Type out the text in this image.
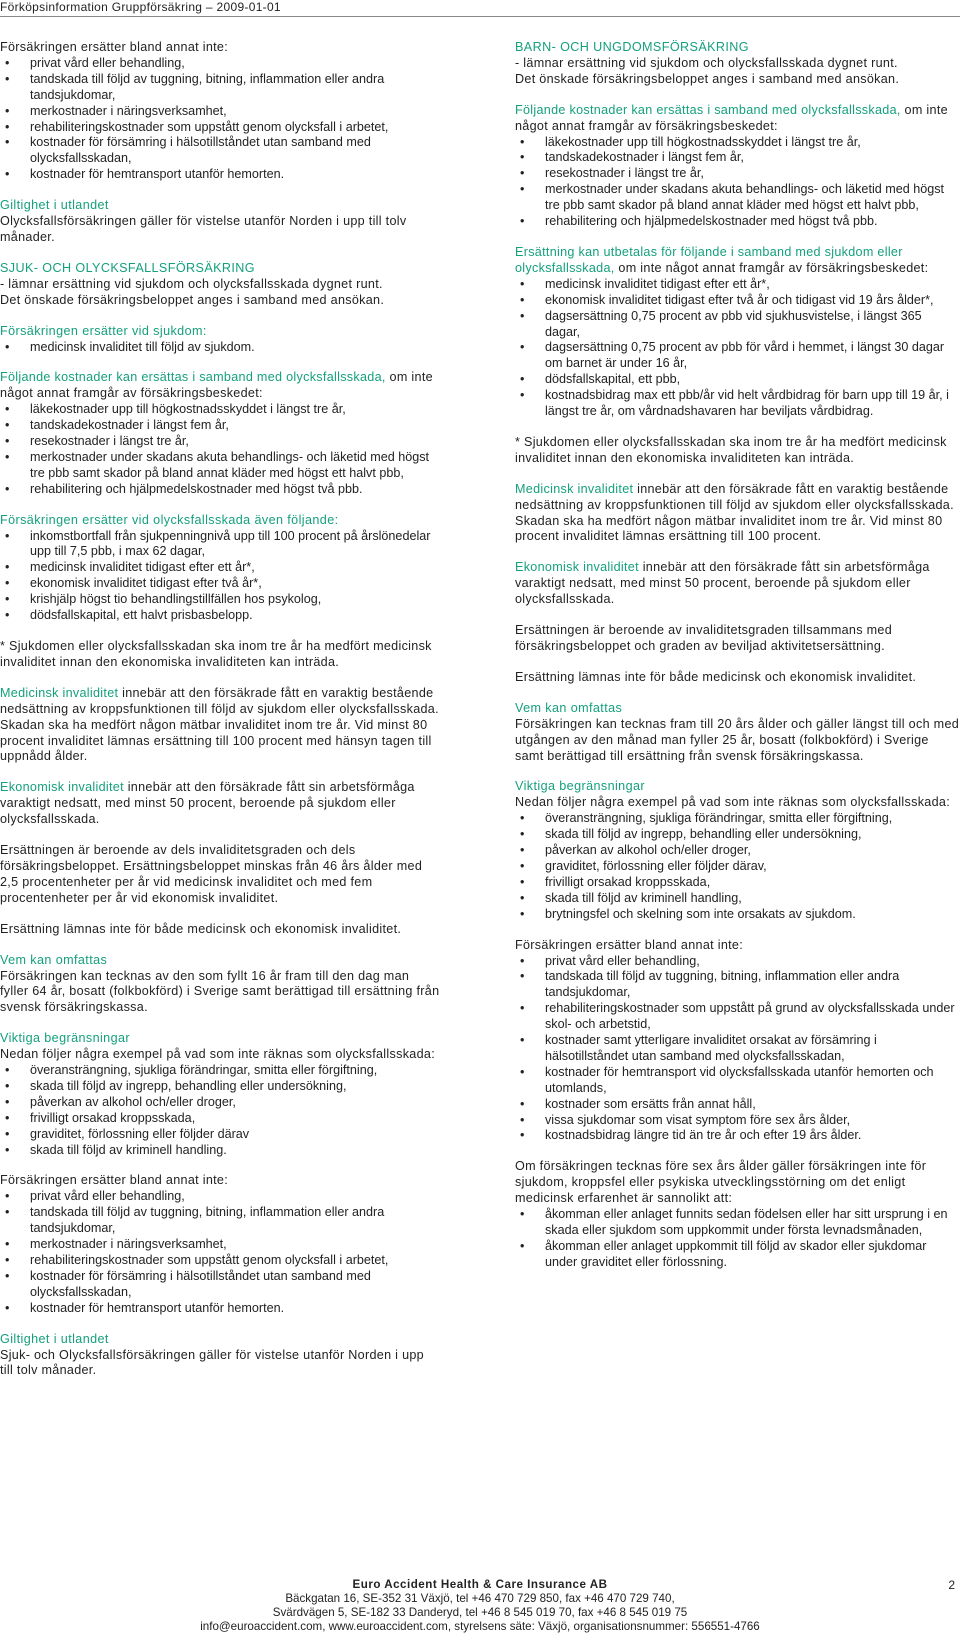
Förköpsinformation Gruppförsäkring – 2009-01-01
Försäkringen ersätter bland annat inte:
• privat vård eller behandling,
• tandskada till följd av tuggning, bitning, inflammation eller andra tandsjukdomar,
• merkostnader i näringsverksamhet,
• rehabiliteringskostnader som uppstått genom olycksfall i arbetet,
• kostnader för försämring i hälsotillståndet utan samband med olycksfallsskadan,
• kostnader för hemtransport utanför hemorten.
Giltighet i utlandet
Olycksfallsförsäkringen gäller för vistelse utanför Norden i upp till tolv månader.
SJUK- OCH OLYCKSFALLSFÖRSÄKRING
- lämnar ersättning vid sjukdom och olycksfallsskada dygnet runt.
Det önskade försäkringsbeloppet anges i samband med ansökan.
Försäkringen ersätter vid sjukdom:
• medicinsk invaliditet till följd av sjukdom.
Följande kostnader kan ersättas i samband med olycksfallsskada, om inte något annat framgår av försäkringsbeskedet:
• läkekostnader upp till högkostnadsskyddet i längst tre år,
• tandskadekostnader i längst fem år,
• resekostnader i längst tre år,
• merkostnader under skadans akuta behandlings- och läketid med högst tre pbb samt skador på bland annat kläder med högst ett halvt pbb,
• rehabilitering och hjälpmedelskostnader med högst två pbb.
Försäkringen ersätter vid olycksfallsskada även följande:
• inkomstbortfall från sjukpenningnivå upp till 100 procent på årslönedelar upp till 7,5 pbb, i max 62 dagar,
• medicinsk invaliditet tidigast efter ett år*,
• ekonomisk invaliditet tidigast efter två år*,
• krishjälp högst tio behandlingstillfällen hos psykolog,
• dödsfallskapital, ett halvt prisbasbelopp.
* Sjukdomen eller olycksfallsskadan ska inom tre år ha medfört medicinsk invaliditet innan den ekonomiska invaliditeten kan inträda.
Medicinsk invaliditet innebär att den försäkrade fått en varaktig bestående nedsättning av kroppsfunktionen till följd av sjukdom eller olycksfallsskada. Skadan ska ha medfört någon mätbar invaliditet inom tre år. Vid minst 80 procent invaliditet lämnas ersättning till 100 procent med hänsyn tagen till uppnådd ålder.
Ekonomisk invaliditet innebär att den försäkrade fått sin arbetsförmåga varaktigt nedsatt, med minst 50 procent, beroende på sjukdom eller olycksfallsskada.
Ersättningen är beroende av dels invaliditetsgraden och dels försäkringsbeloppet. Ersättningsbeloppet minskas från 46 års ålder med 2,5 procentenheter per år vid medicinsk invaliditet och med fem procentenheter per år vid ekonomisk invaliditet.
Ersättning lämnas inte för både medicinsk och ekonomisk invaliditet.
Vem kan omfattas
Försäkringen kan tecknas av den som fyllt 16 år fram till den dag man fyller 64 år, bosatt (folkbokförd) i Sverige samt berättigad till ersättning från svensk försäkringskassa.
Viktiga begränsningar
Nedan följer några exempel på vad som inte räknas som olycksfallsskada:
• överansträngning, sjukliga förändringar, smitta eller förgiftning,
• skada till följd av ingrepp, behandling eller undersökning,
• påverkan av alkohol och/eller droger,
• frivilligt orsakad kroppsskada,
• graviditet, förlossning eller följder därav
• skada till följd av kriminell handling.
Försäkringen ersätter bland annat inte:
• privat vård eller behandling,
• tandskada till följd av tuggning, bitning, inflammation eller andra tandsjukdomar,
• merkostnader i näringsverksamhet,
• rehabiliteringskostnader som uppstått genom olycksfall i arbetet,
• kostnader för försämring i hälsotillståndet utan samband med olycksfallsskadan,
• kostnader för hemtransport utanför hemorten.
Giltighet i utlandet
Sjuk- och Olycksfallsförsäkringen gäller för vistelse utanför Norden i upp till tolv månader.
BARN- OCH UNGDOMSFÖRSÄKRING
- lämnar ersättning vid sjukdom och olycksfallsskada dygnet runt.
Det önskade försäkringsbeloppet anges i samband med ansökan.
Följande kostnader kan ersättas i samband med olycksfallsskada, om inte något annat framgår av försäkringsbeskedet:
• läkekostnader upp till högkostnadsskyddet i längst tre år,
• tandskadekostnader i längst fem år,
• resekostnader i längst tre år,
• merkostnader under skadans akuta behandlings- och läketid med högst tre pbb samt skador på bland annat kläder med högst ett halvt pbb,
• rehabilitering och hjälpmedelskostnader med högst två pbb.
Ersättning kan utbetalas för följande i samband med sjukdom eller olycksfallsskada, om inte något annat framgår av försäkringsbeskedet:
• medicinsk invaliditet tidigast efter ett år*,
• ekonomisk invaliditet tidigast efter två år och tidigast vid 19 års ålder*,
• dagsersättning 0,75 procent av pbb vid sjukhusvistelse, i längst 365 dagar,
• dagsersättning 0,75 procent av pbb för vård i hemmet, i längst 30 dagar om barnet är under 16 år,
• dödsfallskapital, ett pbb,
• kostnadsbidrag max ett pbb/år vid helt vårdbidrag för barn upp till 19 år, i längst tre år, om vårdnadshavaren har beviljats vårdbidrag.
* Sjukdomen eller olycksfallsskadan ska inom tre år ha medfört medicinsk invaliditet innan den ekonomiska invaliditeten kan inträda.
Medicinsk invaliditet innebär att den försäkrade fått en varaktig bestående nedsättning av kroppsfunktionen till följd av sjukdom eller olycksfallsskada. Skadan ska ha medfört någon mätbar invaliditet inom tre år. Vid minst 80 procent invaliditet lämnas ersättning till 100 procent.
Ekonomisk invaliditet innebär att den försäkrade fått sin arbetsförmåga varaktigt nedsatt, med minst 50 procent, beroende på sjukdom eller olycksfallsskada.
Ersättningen är beroende av invaliditetsgraden tillsammans med försäkringsbeloppet och graden av beviljad aktivitetsersättning.
Ersättning lämnas inte för både medicinsk och ekonomisk invaliditet.
Vem kan omfattas
Försäkringen kan tecknas fram till 20 års ålder och gäller längst till och med utgången av den månad man fyller 25 år, bosatt (folkbokförd) i Sverige samt berättigad till ersättning från svensk försäkringskassa.
Viktiga begränsningar
Nedan följer några exempel på vad som inte räknas som olycksfallsskada:
• överansträngning, sjukliga förändringar, smitta eller förgiftning,
• skada till följd av ingrepp, behandling eller undersökning,
• påverkan av alkohol och/eller droger,
• graviditet, förlossning eller följder därav,
• frivilligt orsakad kroppsskada,
• skada till följd av kriminell handling,
• brytningsfel och skelning som inte orsakats av sjukdom.
Försäkringen ersätter bland annat inte:
• privat vård eller behandling,
• tandskada till följd av tuggning, bitning, inflammation eller andra tandsjukdomar,
• rehabiliteringskostnader som uppstått på grund av olycksfallsskada under skol- och arbetstid,
• kostnader samt ytterligare invaliditet orsakat av försämring i hälsotillståndet utan samband med olycksfallsskadan,
• kostnader för hemtransport vid olycksfallsskada utanför hemorten och utomlands,
• kostnader som ersätts från annat håll,
• vissa sjukdomar som visat symptom före sex års ålder,
• kostnadsbidrag längre tid än tre år och efter 19 års ålder.
Om försäkringen tecknas före sex års ålder gäller försäkringen inte för sjukdom, kroppsfel eller psykiska utvecklingsstörning om det enligt medicinsk erfarenhet är sannolikt att:
• åkomman eller anlaget funnits sedan födelsen eller har sitt ursprung i en skada eller sjukdom som uppkommit under första levnadsmånaden,
• åkomman eller anlaget uppkommit till följd av skador eller sjukdomar under graviditet eller förlossning.
Euro Accident Health & Care Insurance AB
Bäckgatan 16, SE-352 31 Växjö, tel +46 470 729 850, fax +46 470 729 740,
Svärdvägen 5, SE-182 33 Danderyd, tel +46 8 545 019 70, fax +46 8 545 019 75
info@euroaccident.com, www.euroaccident.com, styrelsens säte: Växjö, organisationsnummer: 556551-4766
2
